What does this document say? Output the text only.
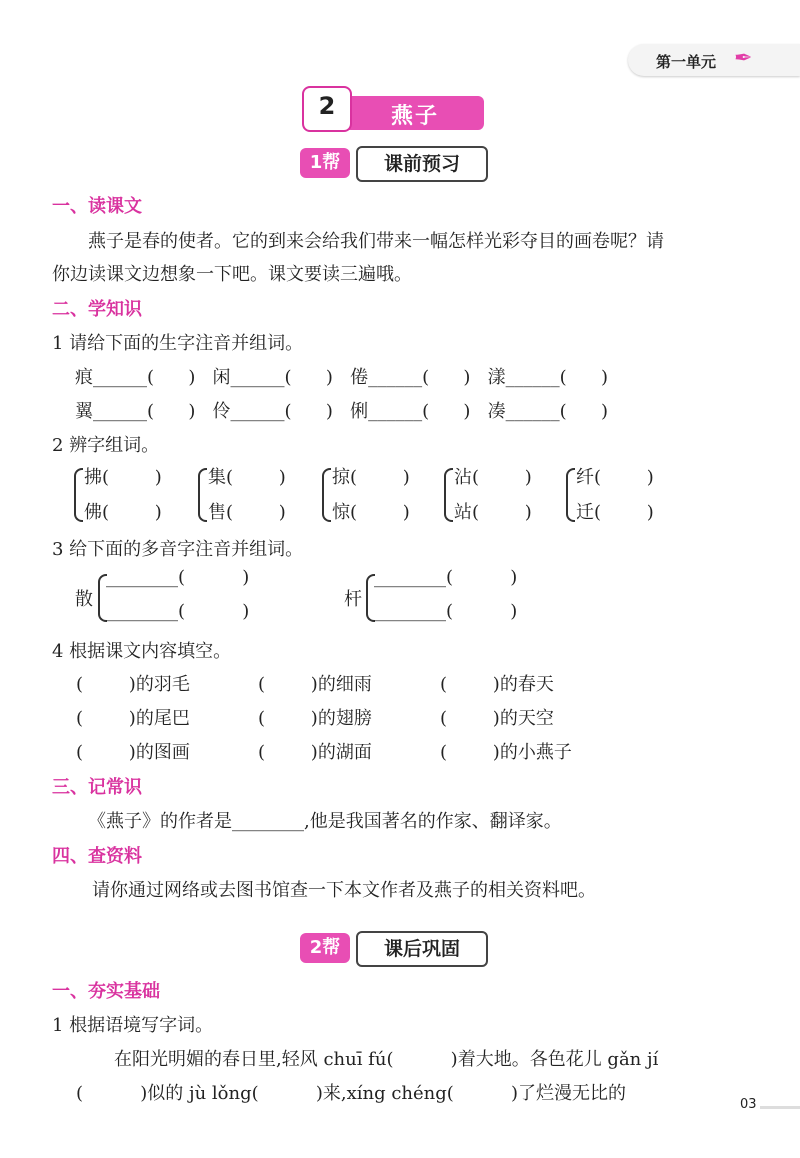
第一单元 ✒
燕子
2
1帮	课前预习
一、读课文
燕子是春的使者。它的到来会给我们带来一幅怎样光彩夺目的画卷呢？请
你边读课文边想象一下吧。课文要读三遍哦。
二、学知识
1 请给下面的生字注音并组词。
痕______(      )   闲______(      )   倦______(      )   漾______(      )
翼______(      )   伶______(      )   俐______(      )   凑______(      )
2 辨字组词。
拂(        )
佛(        )
集(        )
售(        )
掠(        )
惊(        )
沾(        )
站(        )
纤(        )
迁(        )
3 给下面的多音字注音并组词。
散
________(          )
________(          )
杆
________(          )
________(          )
4 根据课文内容填空。
(        )的羽毛	(        )的细雨	(        )的春天
(        )的尾巴	(        )的翅膀	(        )的天空
(        )的图画	(        )的湖面	(        )的小燕子
三、记常识
《燕子》的作者是________,他是我国著名的作家、翻译家。
四、查资料
请你通过网络或去图书馆查一下本文作者及燕子的相关资料吧。
2帮	课后巩固
一、夯实基础
1 根据语境写字词。
在阳光明媚的春日里,轻风 chuī fú(          )着大地。各色花儿 gǎn jí
(          )似的 jù lǒng(          )来,xíng chéng(          )了烂漫无比的
03
